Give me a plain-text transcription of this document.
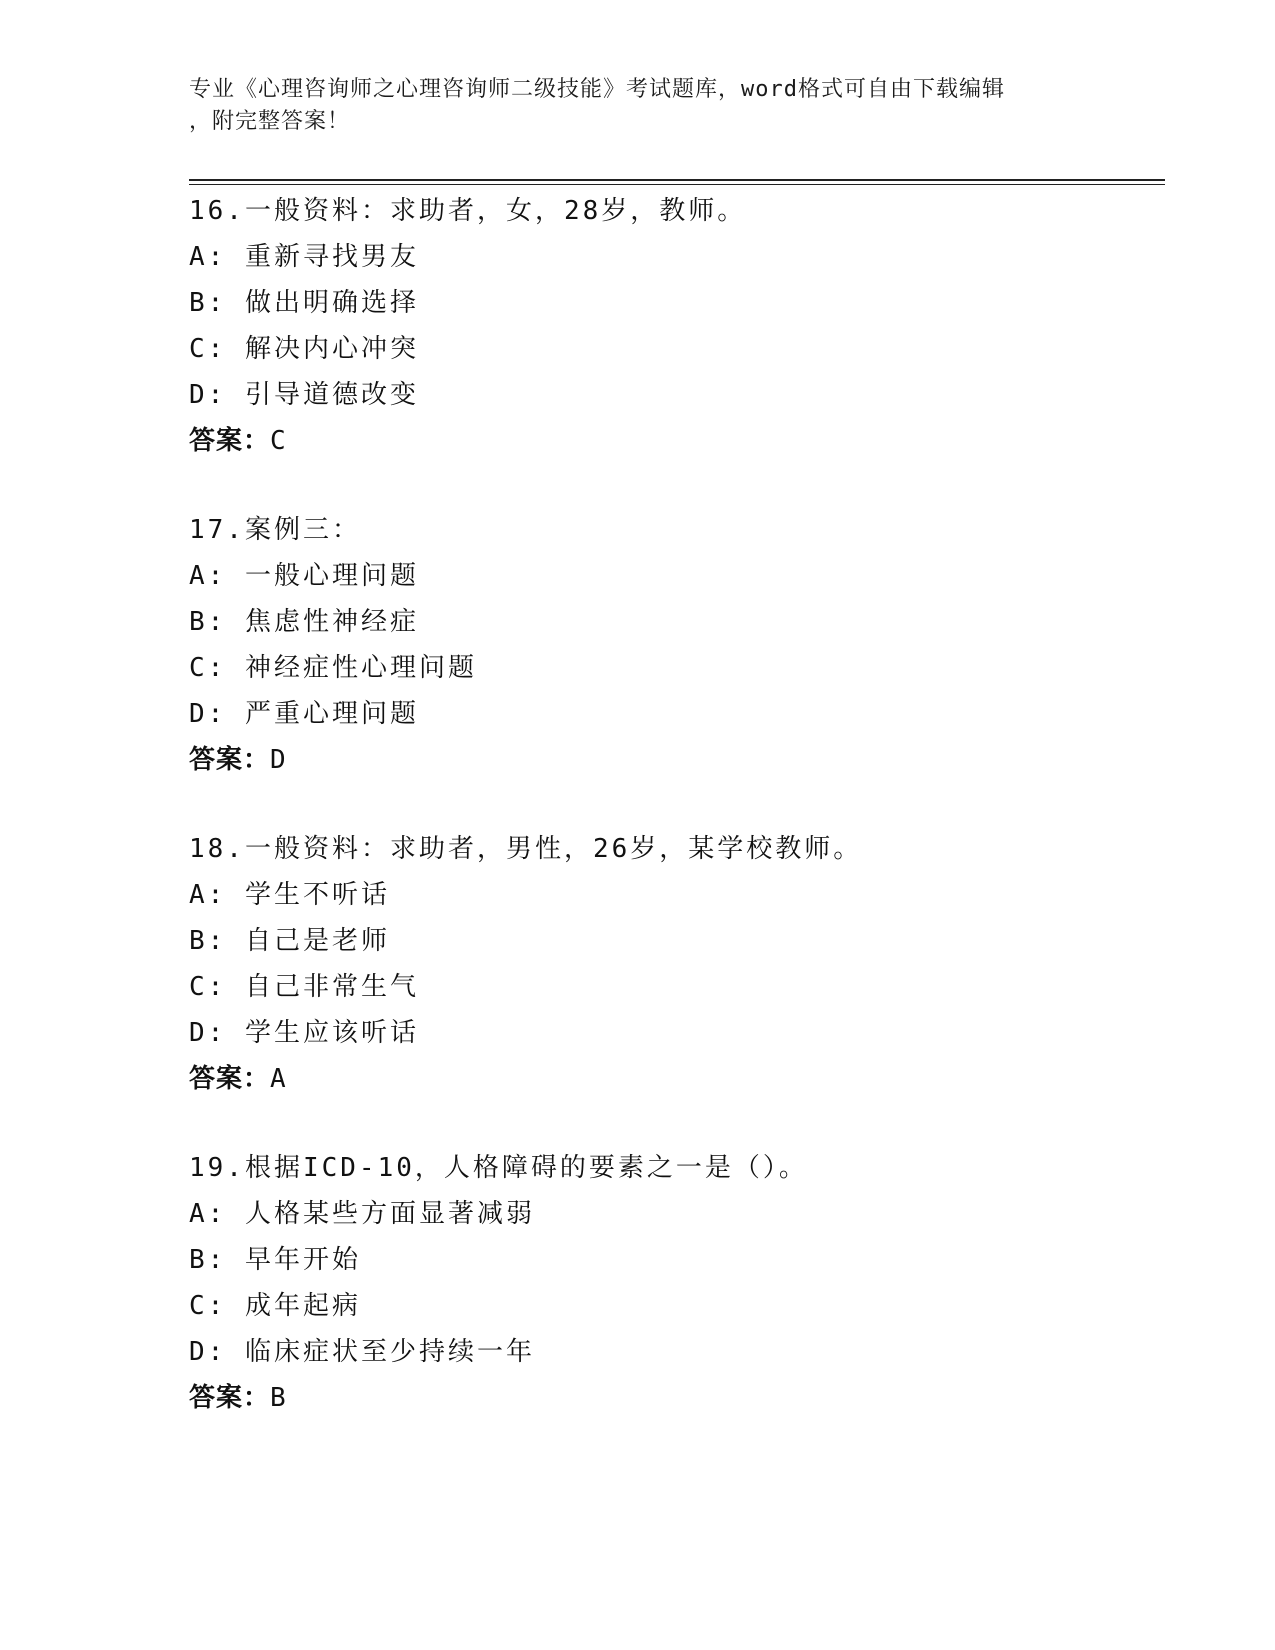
专业《心理咨询师之心理咨询师二级技能》考试题库，word格式可自由下载编辑

，附完整答案！

16.一般资料：求助者，女，28岁，教师。

A: 重新寻找男友

B: 做出明确选择

C: 解决内心冲突

D: 引导道德改变

答案：C

17.案例三：

A: 一般心理问题

B: 焦虑性神经症

C: 神经症性心理问题

D: 严重心理问题

答案：D

18.一般资料：求助者，男性，26岁，某学校教师。

A: 学生不听话

B: 自己是老师

C: 自己非常生气

D: 学生应该听话

答案：A

19.根据ICD-10，人格障碍的要素之一是（）。

A: 人格某些方面显著减弱

B: 早年开始

C: 成年起病

D: 临床症状至少持续一年

答案：B
